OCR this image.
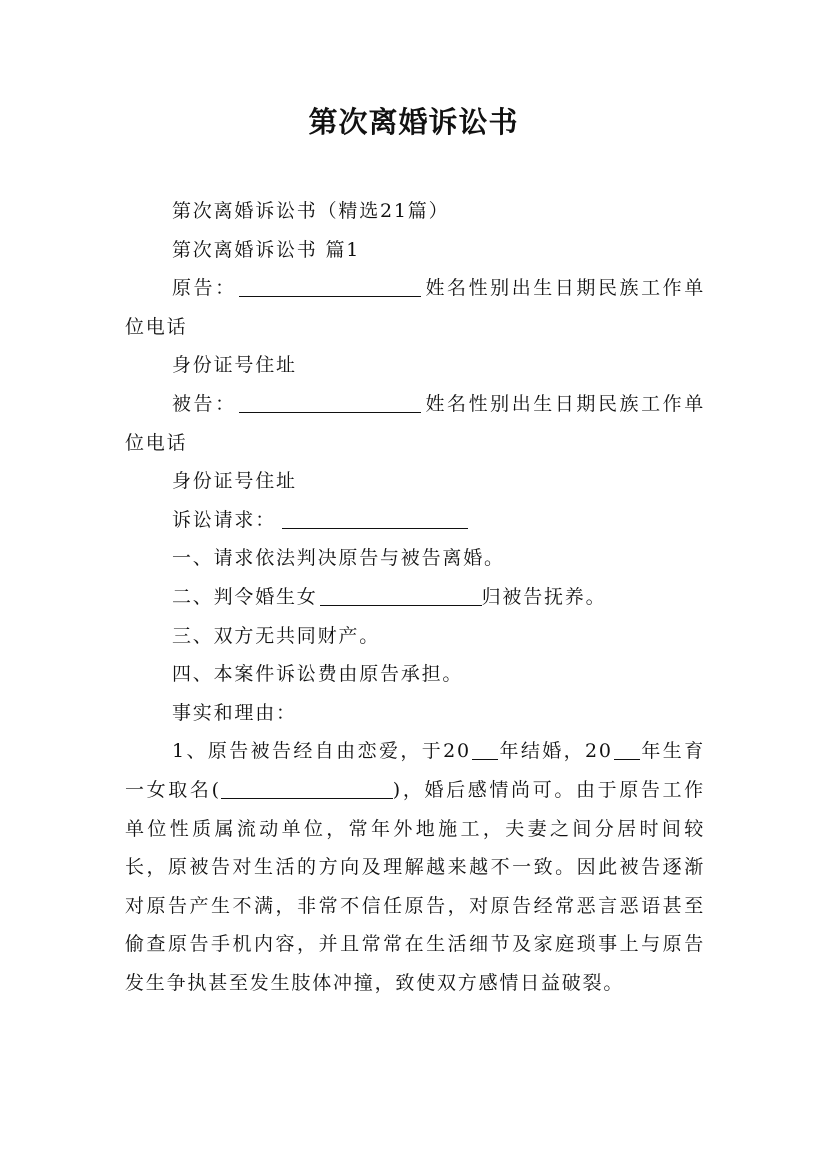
第次离婚诉讼书

第次离婚诉讼书（精选21篇）

第次离婚诉讼书 篇1

原告：	姓名性别出生日期民族工作单位电话

身份证号住址

被告：	姓名性别出生日期民族工作单位电话

身份证号住址

诉讼请求：

一、请求依法判决原告与被告离婚。

二、判令婚生女	归被告抚养。

三、双方无共同财产。

四、本案件诉讼费由原告承担。

事实和理由：

1、原告被告经自由恋爱，于20 年结婚，20 年生育一女取名(	)，婚后感情尚可。由于原告工作单位性质属流动单位，常年外地施工，夫妻之间分居时间较长，原被告对生活的方向及理解越来越不一致。因此被告逐渐对原告产生不满，非常不信任原告，对原告经常恶言恶语甚至偷查原告手机内容，并且常常在生活细节及家庭琐事上与原告发生争执甚至发生肢体冲撞，致使双方感情日益破裂。
